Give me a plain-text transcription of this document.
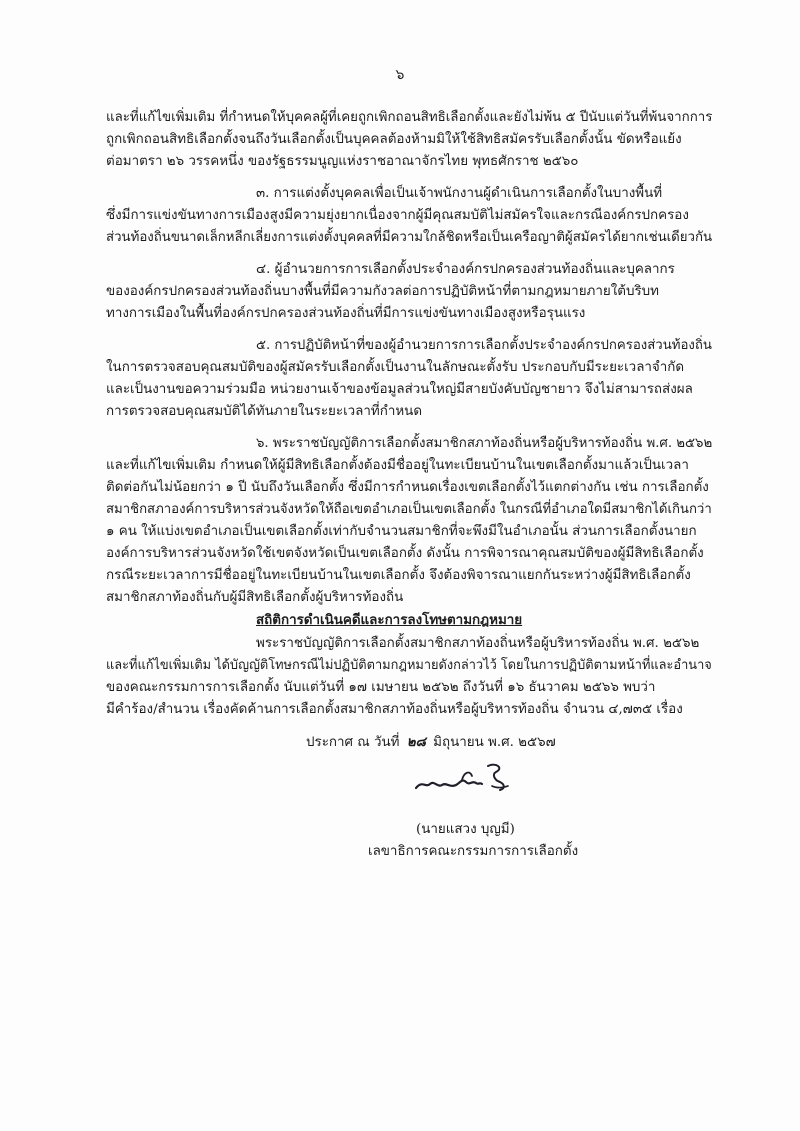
๖
และที่แก้ไขเพิ่มเติม ที่กำหนดให้บุคคลผู้ที่เคยถูกเพิกถอนสิทธิเลือกตั้งและยังไม่พ้น ๕ ปีนับแต่วันที่พ้นจากการ
ถูกเพิกถอนสิทธิเลือกตั้งจนถึงวันเลือกตั้งเป็นบุคคลต้องห้ามมิให้ใช้สิทธิสมัครรับเลือกตั้งนั้น ขัดหรือแย้ง
ต่อมาตรา ๒๖ วรรคหนึ่ง ของรัฐธรรมนูญแห่งราชอาณาจักรไทย พุทธศักราช ๒๕๖๐
๓. การแต่งตั้งบุคคลเพื่อเป็นเจ้าพนักงานผู้ดำเนินการเลือกตั้งในบางพื้นที่
ซึ่งมีการแข่งขันทางการเมืองสูงมีความยุ่งยากเนื่องจากผู้มีคุณสมบัติไม่สมัครใจและกรณีองค์กรปกครอง
ส่วนท้องถิ่นขนาดเล็กหลีกเลี่ยงการแต่งตั้งบุคคลที่มีความใกล้ชิดหรือเป็นเครือญาติผู้สมัครได้ยากเช่นเดียวกัน
๔. ผู้อำนวยการการเลือกตั้งประจำองค์กรปกครองส่วนท้องถิ่นและบุคลากร
ขององค์กรปกครองส่วนท้องถิ่นบางพื้นที่มีความกังวลต่อการปฏิบัติหน้าที่ตามกฎหมายภายใต้บริบท
ทางการเมืองในพื้นที่องค์กรปกครองส่วนท้องถิ่นที่มีการแข่งขันทางเมืองสูงหรือรุนแรง
๕. การปฏิบัติหน้าที่ของผู้อำนวยการการเลือกตั้งประจำองค์กรปกครองส่วนท้องถิ่น
ในการตรวจสอบคุณสมบัติของผู้สมัครรับเลือกตั้งเป็นงานในลักษณะตั้งรับ ประกอบกับมีระยะเวลาจำกัด
และเป็นงานขอความร่วมมือ หน่วยงานเจ้าของข้อมูลส่วนใหญ่มีสายบังคับบัญชายาว จึงไม่สามารถส่งผล
การตรวจสอบคุณสมบัติได้ทันภายในระยะเวลาที่กำหนด
๖. พระราชบัญญัติการเลือกตั้งสมาชิกสภาท้องถิ่นหรือผู้บริหารท้องถิ่น พ.ศ. ๒๕๖๒
และที่แก้ไขเพิ่มเติม กำหนดให้ผู้มีสิทธิเลือกตั้งต้องมีชื่ออยู่ในทะเบียนบ้านในเขตเลือกตั้งมาแล้วเป็นเวลา
ติดต่อกันไม่น้อยกว่า ๑ ปี นับถึงวันเลือกตั้ง ซึ่งมีการกำหนดเรื่องเขตเลือกตั้งไว้แตกต่างกัน เช่น การเลือกตั้ง
สมาชิกสภาองค์การบริหารส่วนจังหวัดให้ถือเขตอำเภอเป็นเขตเลือกตั้ง ในกรณีที่อำเภอใดมีสมาชิกได้เกินกว่า
๑ คน ให้แบ่งเขตอำเภอเป็นเขตเลือกตั้งเท่ากับจำนวนสมาชิกที่จะพึงมีในอำเภอนั้น ส่วนการเลือกตั้งนายก
องค์การบริหารส่วนจังหวัดใช้เขตจังหวัดเป็นเขตเลือกตั้ง ดังนั้น การพิจารณาคุณสมบัติของผู้มีสิทธิเลือกตั้ง
กรณีระยะเวลาการมีชื่ออยู่ในทะเบียนบ้านในเขตเลือกตั้ง จึงต้องพิจารณาแยกกันระหว่างผู้มีสิทธิเลือกตั้ง
สมาชิกสภาท้องถิ่นกับผู้มีสิทธิเลือกตั้งผู้บริหารท้องถิ่น
สถิติการดำเนินคดีและการลงโทษตามกฎหมาย
พระราชบัญญัติการเลือกตั้งสมาชิกสภาท้องถิ่นหรือผู้บริหารท้องถิ่น พ.ศ. ๒๕๖๒
และที่แก้ไขเพิ่มเติม ได้บัญญัติโทษกรณีไม่ปฏิบัติตามกฎหมายดังกล่าวไว้ โดยในการปฏิบัติตามหน้าที่และอำนาจ
ของคณะกรรมการการเลือกตั้ง นับแต่วันที่ ๑๗ เมษายน ๒๕๖๒ ถึงวันที่ ๑๖ ธันวาคม ๒๕๖๖ พบว่า
มีคำร้อง/สำนวน เรื่องคัดค้านการเลือกตั้งสมาชิกสภาท้องถิ่นหรือผู้บริหารท้องถิ่น จำนวน ๔,๗๓๕ เรื่อง
ประกาศ ณ วันที่ ๒๘ มิถุนายน พ.ศ. ๒๕๖๗
(นายแสวง บุญมี)
เลขาธิการคณะกรรมการการเลือกตั้ง
